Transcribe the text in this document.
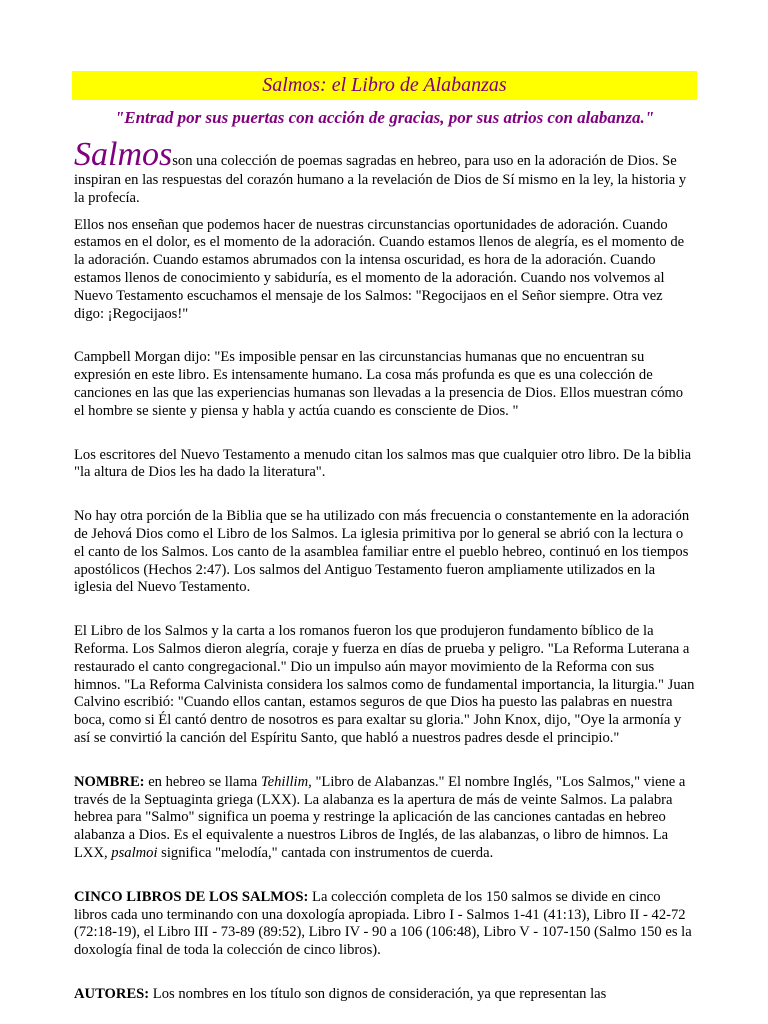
Salmos: el Libro de Alabanzas
"Entrad por sus puertas con acción de gracias, por sus atrios con alabanza."

Salmosson una colección de poemas sagradas en hebreo, para uso en la adoración de Dios. Se inspiran en las respuestas del corazón humano a la revelación de Dios de Sí mismo en la ley, la historia y la profecía.

Ellos nos enseñan que podemos hacer de nuestras circunstancias oportunidades de adoración. Cuando estamos en el dolor, es el momento de la adoración. Cuando estamos llenos de alegría, es el momento de la adoración. Cuando estamos abrumados con la intensa oscuridad, es hora de la adoración. Cuando estamos llenos de conocimiento y sabiduría, es el momento de la adoración. Cuando nos volvemos al Nuevo Testamento escuchamos el mensaje de los Salmos: "Regocijaos en el Señor siempre. Otra vez digo: ¡Regocijaos!"

Campbell Morgan dijo: "Es imposible pensar en las circunstancias humanas que no encuentran su expresión en este libro. Es intensamente humano. La cosa más profunda es que es una colección de canciones en las que las experiencias humanas son llevadas a la presencia de Dios. Ellos muestran cómo el hombre se siente y piensa y habla y actúa cuando es consciente de Dios. "

Los escritores del Nuevo Testamento a menudo citan los salmos mas que cualquier otro libro. De la biblia "la altura de Dios les ha dado la literatura".

No hay otra porción de la Biblia que se ha utilizado con más frecuencia o constantemente en la adoración de Jehová Dios como el Libro de los Salmos. La iglesia primitiva por lo general se abrió con la lectura o el canto de los Salmos. Los canto de la asamblea familiar entre el pueblo hebreo, continuó en los tiempos apostólicos (Hechos 2:47). Los salmos del Antiguo Testamento fueron ampliamente utilizados en la iglesia del Nuevo Testamento.

El Libro de los Salmos y la carta a los romanos fueron los que produjeron fundamento bíblico de la Reforma. Los Salmos dieron alegría, coraje y fuerza en días de prueba y peligro. "La Reforma Luterana a restaurado el canto congregacional." Dio un impulso aún mayor movimiento de la Reforma con sus himnos. "La Reforma Calvinista considera los salmos como de fundamental importancia, la liturgia." Juan Calvino escribió: "Cuando ellos cantan, estamos seguros de que Dios ha puesto las palabras en nuestra boca, como si Él cantó dentro de nosotros es para exaltar su gloria." John Knox, dijo, "Oye la armonía y así se convirtió la canción del Espíritu Santo, que habló a nuestros padres desde el principio."

NOMBRE: en hebreo se llama Tehillim, "Libro de Alabanzas." El nombre Inglés, "Los Salmos," viene a través de la Septuaginta griega (LXX). La alabanza es la apertura de más de veinte Salmos. La palabra hebrea para "Salmo" significa un poema y restringe la aplicación de las canciones cantadas en hebreo alabanza a Dios. Es el equivalente a nuestros Libros de Inglés, de las alabanzas, o libro de himnos. La LXX, psalmoi significa "melodía," cantada con instrumentos de cuerda.

CINCO LIBROS DE LOS SALMOS: La colección completa de los 150 salmos se divide en cinco libros cada uno terminando con una doxología apropiada. Libro I - Salmos 1-41 (41:13), Libro II - 42-72 (72:18-19), el Libro III - 73-89 (89:52), Libro IV - 90 a 106 (106:48), Libro V - 107-150 (Salmo 150 es la doxología final de toda la colección de cinco libros).

AUTORES: Los nombres en los título son dignos de consideración, ya que representan las
